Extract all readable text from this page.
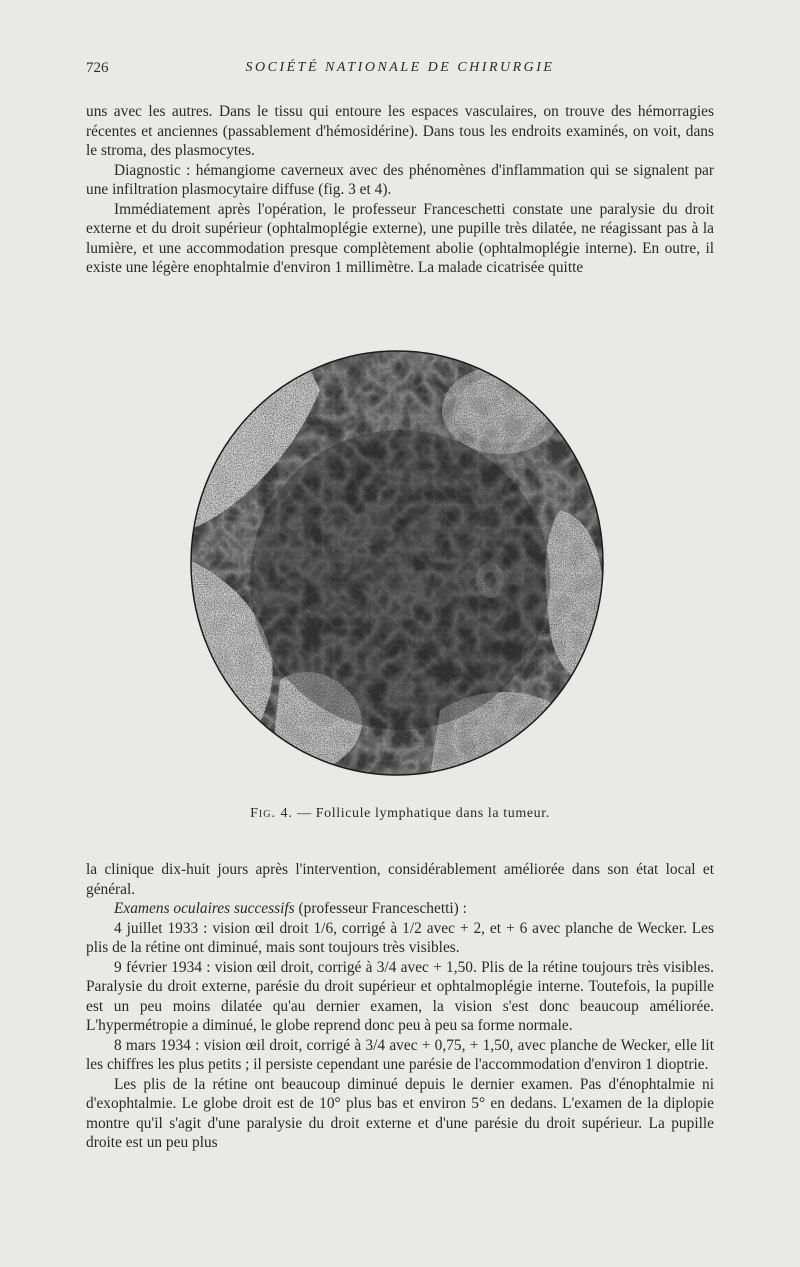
726	SOCIÉTÉ NATIONALE DE CHIRURGIE

uns avec les autres. Dans le tissu qui entoure les espaces vasculaires, on trouve des hémorragies récentes et anciennes (passablement d'hémosidérine). Dans tous les endroits examinés, on voit, dans le stroma, des plasmocytes.

Diagnostic : hémangiome caverneux avec des phénomènes d'inflammation qui se signalent par une infiltration plasmocytaire diffuse (fig. 3 et 4).

Immédiatement après l'opération, le professeur Franceschetti constate une paralysie du droit externe et du droit supérieur (ophtalmoplégie externe), une pupille très dilatée, ne réagissant pas à la lumière, et une accommodation presque complètement abolie (ophtalmoplégie interne). En outre, il existe une légère enophtalmie d'environ 1 millimètre. La malade cicatrisée quitte

Fig. 4. — Follicule lymphatique dans la tumeur.

la clinique dix-huit jours après l'intervention, considérablement améliorée dans son état local et général.

Examens oculaires successifs (professeur Franceschetti) :

4 juillet 1933 : vision œil droit 1/6, corrigé à 1/2 avec + 2, et + 6 avec planche de Wecker. Les plis de la rétine ont diminué, mais sont toujours très visibles.

9 février 1934 : vision œil droit, corrigé à 3/4 avec + 1,50. Plis de la rétine toujours très visibles. Paralysie du droit externe, parésie du droit supérieur et ophtalmoplégie interne. Toutefois, la pupille est un peu moins dilatée qu'au dernier examen, la vision s'est donc beaucoup améliorée. L'hypermétropie a diminué, le globe reprend donc peu à peu sa forme normale.

8 mars 1934 : vision œil droit, corrigé à 3/4 avec + 0,75, + 1,50, avec planche de Wecker, elle lit les chiffres les plus petits ; il persiste cependant une parésie de l'accommodation d'environ 1 dioptrie.

Les plis de la rétine ont beaucoup diminué depuis le dernier examen. Pas d'énophtalmie ni d'exophtalmie. Le globe droit est de 10° plus bas et environ 5° en dedans. L'examen de la diplopie montre qu'il s'agit d'une paralysie du droit externe et d'une parésie du droit supérieur. La pupille droite est un peu plus
